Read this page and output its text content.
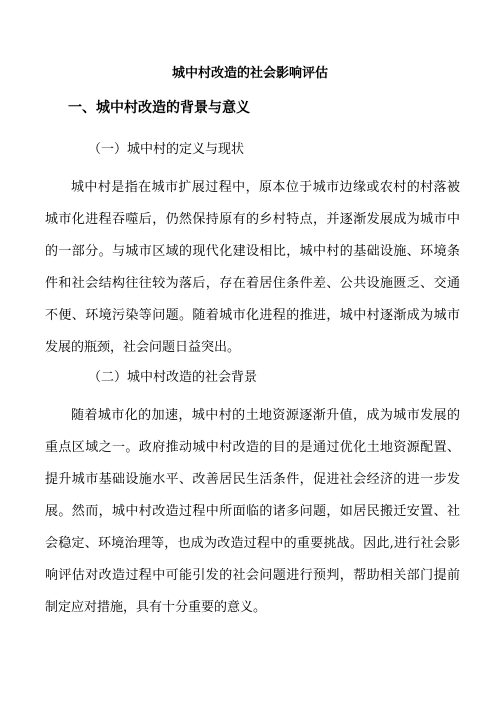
城中村改造的社会影响评估
一、城中村改造的背景与意义
（一）城中村的定义与现状

城中村是指在城市扩展过程中，原本位于城市边缘或农村的村落被城市化进程吞噬后，仍然保持原有的乡村特点，并逐渐发展成为城市中的一部分。与城市区域的现代化建设相比，城中村的基础设施、环境条件和社会结构往往较为落后，存在着居住条件差、公共设施匮乏、交通不便、环境污染等问题。随着城市化进程的推进，城中村逐渐成为城市发展的瓶颈，社会问题日益突出。

（二）城中村改造的社会背景

随着城市化的加速，城中村的土地资源逐渐升值，成为城市发展的重点区域之一。政府推动城中村改造的目的是通过优化土地资源配置、提升城市基础设施水平、改善居民生活条件，促进社会经济的进一步发展。然而，城中村改造过程中所面临的诸多问题，如居民搬迁安置、社会稳定、环境治理等，也成为改造过程中的重要挑战。因此,进行社会影响评估对改造过程中可能引发的社会问题进行预判，帮助相关部门提前制定应对措施，具有十分重要的意义。
